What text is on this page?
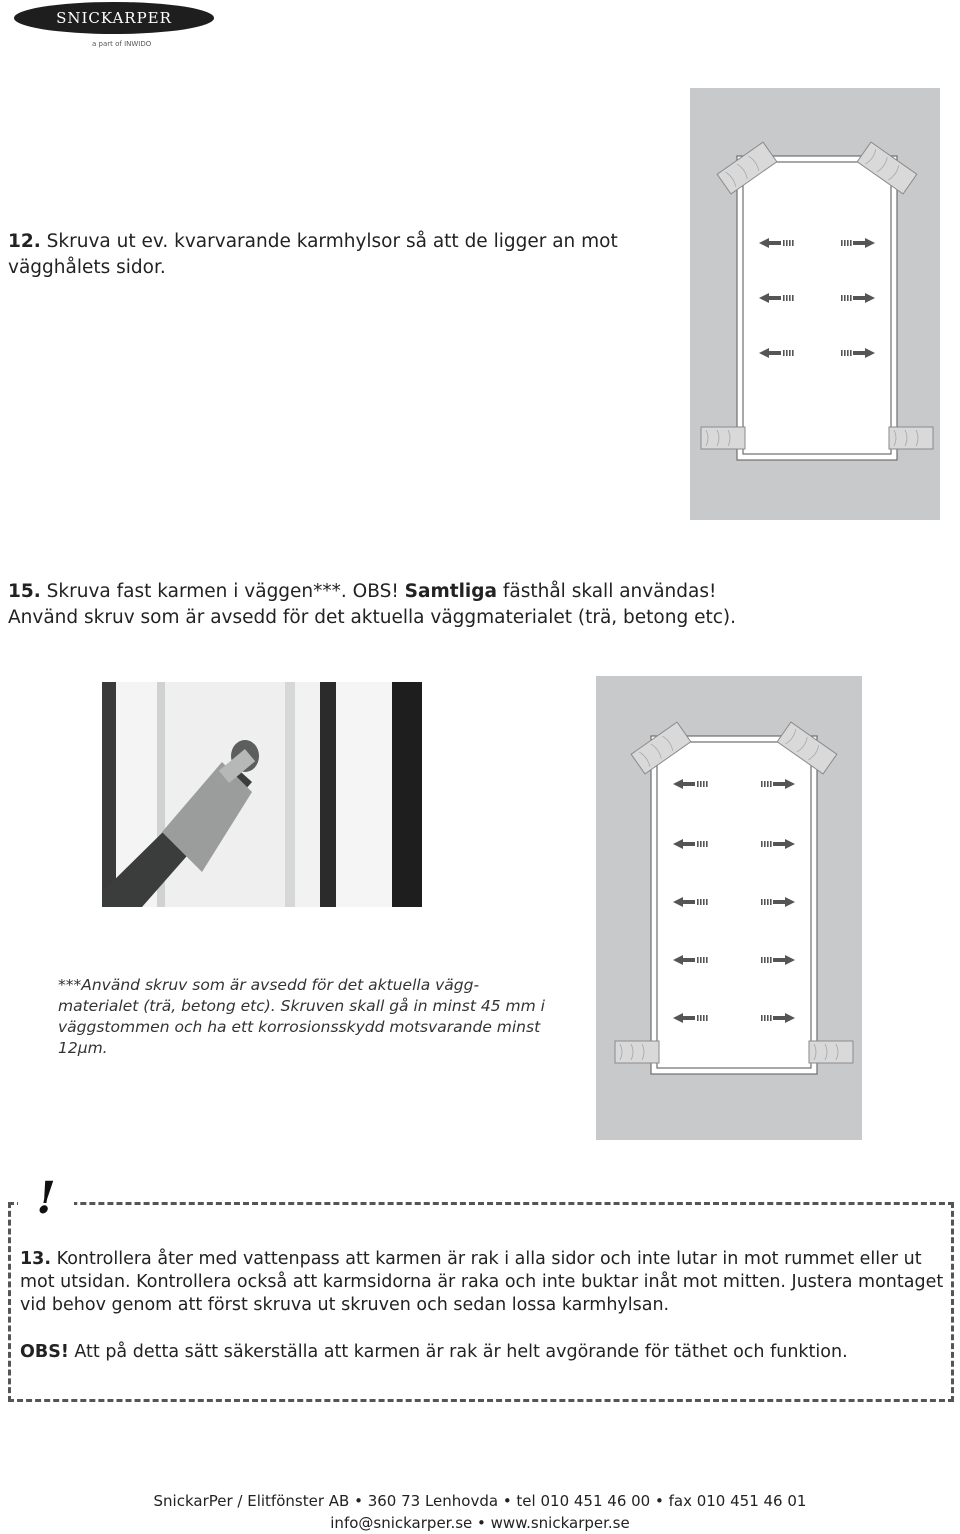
SNICKARPER
a part of INWIDO
12. Skruva ut ev. kvarvarande karmhylsor så att de ligger an mot vägghålets sidor.
15. Skruva fast karmen i väggen***. OBS! Samtliga fästhål skall användas!
Använd skruv som är avsedd för det aktuella väggmaterialet (trä, betong etc).
***Använd skruv som är avsedd för det aktuella vägg-materialet (trä, betong etc). Skruven skall gå in minst 45 mm i väggstommen och ha ett korrosionsskydd motsvarande minst 12µm.
!
13. Kontrollera åter med vattenpass att karmen är rak i alla sidor och inte lutar in mot rummet eller ut mot utsidan. Kontrollera också att karmsidorna är raka och inte buktar inåt mot mitten. Justera montaget vid behov genom att först skruva ut skruven och sedan lossa karmhylsan.
OBS! Att på detta sätt säkerställa att karmen är rak är helt avgörande för täthet och funktion.
SnickarPer / Elitfönster AB • 360 73 Lenhovda • tel 010 451 46 00 • fax 010 451 46 01
info@snickarper.se • www.snickarper.se
